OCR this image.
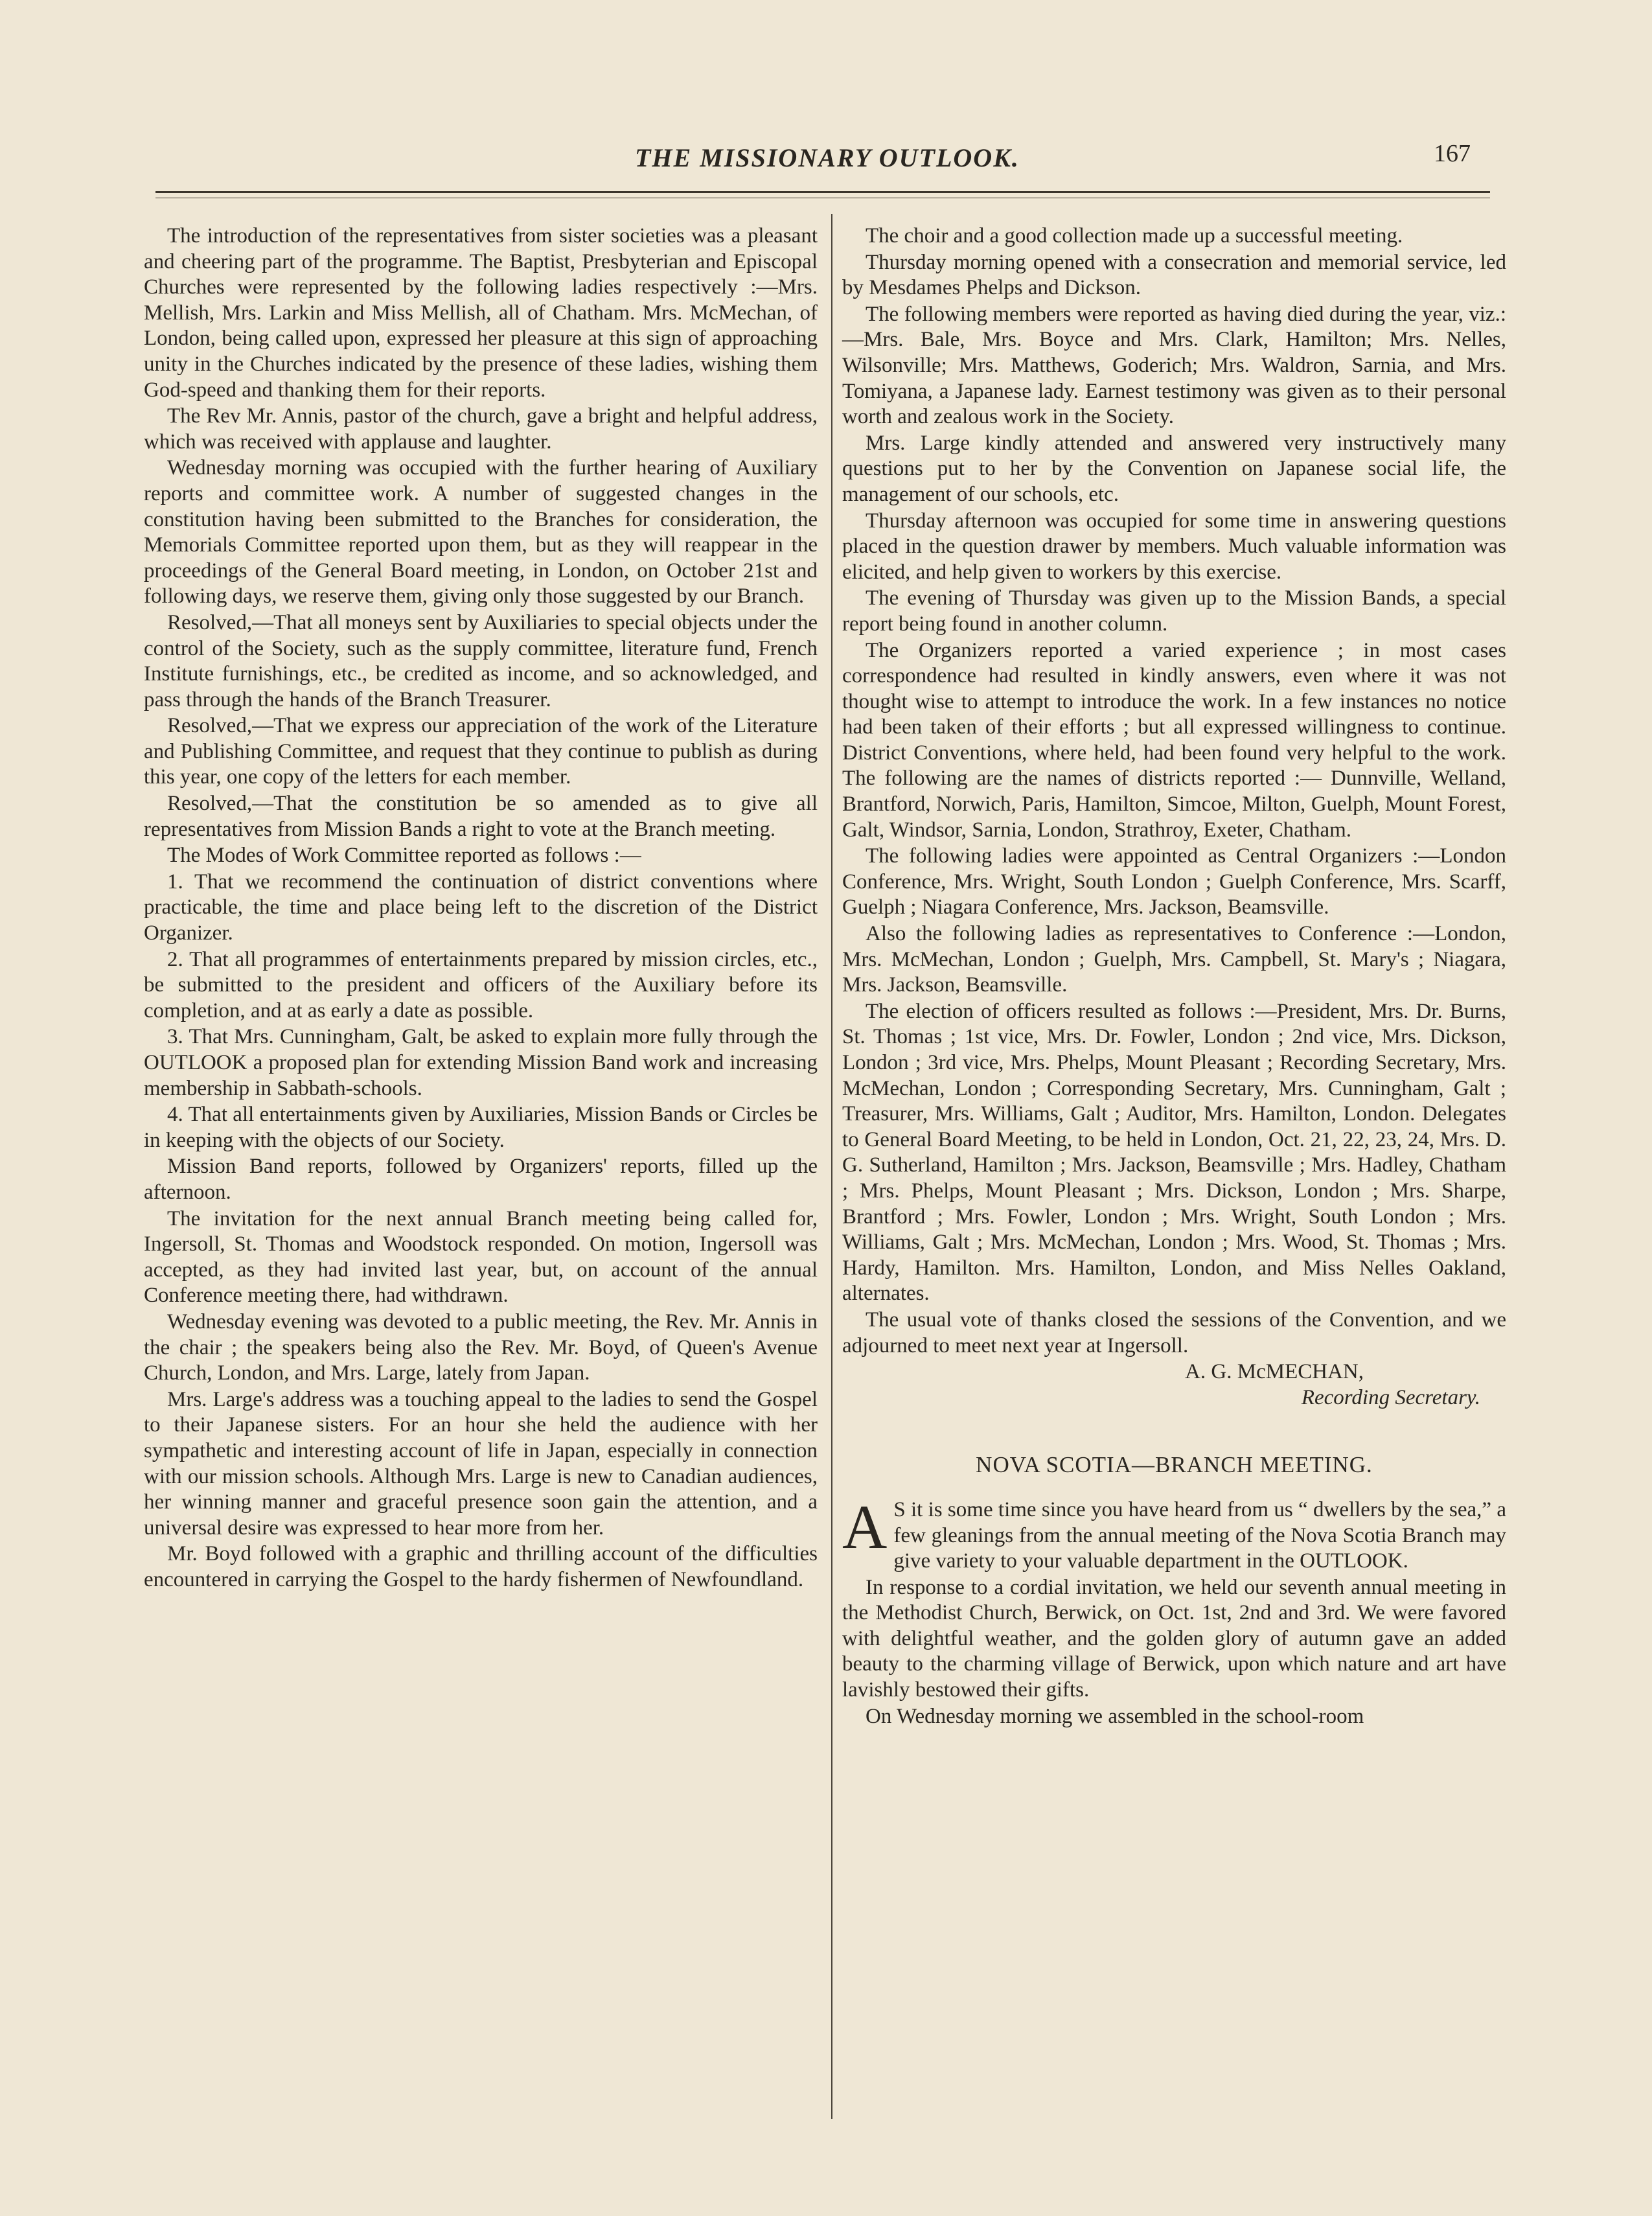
THE MISSIONARY OUTLOOK.	167

The introduction of the representatives from sister societies was a pleasant and cheering part of the programme. The Baptist, Presbyterian and Episcopal Churches were represented by the following ladies respectively :—Mrs. Mellish, Mrs. Larkin and Miss Mellish, all of Chatham. Mrs. McMechan, of London, being called upon, expressed her pleasure at this sign of approaching unity in the Churches indicated by the presence of these ladies, wishing them God-speed and thanking them for their reports.

The Rev Mr. Annis, pastor of the church, gave a bright and helpful address, which was received with applause and laughter.

Wednesday morning was occupied with the further hearing of Auxiliary reports and committee work. A number of suggested changes in the constitution having been submitted to the Branches for consideration, the Memorials Committee reported upon them, but as they will reappear in the proceedings of the General Board meeting, in London, on October 21st and following days, we reserve them, giving only those suggested by our Branch.

Resolved,—That all moneys sent by Auxiliaries to special objects under the control of the Society, such as the supply committee, literature fund, French Institute furnishings, etc., be credited as income, and so acknowledged, and pass through the hands of the Branch Treasurer.

Resolved,—That we express our appreciation of the work of the Literature and Publishing Committee, and request that they continue to publish as during this year, one copy of the letters for each member.

Resolved,—That the constitution be so amended as to give all representatives from Mission Bands a right to vote at the Branch meeting.

The Modes of Work Committee reported as follows :—

1. That we recommend the continuation of district conventions where practicable, the time and place being left to the discretion of the District Organizer.

2. That all programmes of entertainments prepared by mission circles, etc., be submitted to the president and officers of the Auxiliary before its completion, and at as early a date as possible.

3. That Mrs. Cunningham, Galt, be asked to explain more fully through the OUTLOOK a proposed plan for extending Mission Band work and increasing membership in Sabbath-schools.

4. That all entertainments given by Auxiliaries, Mission Bands or Circles be in keeping with the objects of our Society.

Mission Band reports, followed by Organizers' reports, filled up the afternoon.

The invitation for the next annual Branch meeting being called for, Ingersoll, St. Thomas and Woodstock responded. On motion, Ingersoll was accepted, as they had invited last year, but, on account of the annual Conference meeting there, had withdrawn.

Wednesday evening was devoted to a public meeting, the Rev. Mr. Annis in the chair ; the speakers being also the Rev. Mr. Boyd, of Queen's Avenue Church, London, and Mrs. Large, lately from Japan.

Mrs. Large's address was a touching appeal to the ladies to send the Gospel to their Japanese sisters. For an hour she held the audience with her sympathetic and interesting account of life in Japan, especially in connection with our mission schools. Although Mrs. Large is new to Canadian audiences, her winning manner and graceful presence soon gain the attention, and a universal desire was expressed to hear more from her.

Mr. Boyd followed with a graphic and thrilling account of the difficulties encountered in carrying the Gospel to the hardy fishermen of Newfoundland.

The choir and a good collection made up a successful meeting.

Thursday morning opened with a consecration and memorial service, led by Mesdames Phelps and Dickson.

The following members were reported as having died during the year, viz.:—Mrs. Bale, Mrs. Boyce and Mrs. Clark, Hamilton; Mrs. Nelles, Wilsonville; Mrs. Matthews, Goderich; Mrs. Waldron, Sarnia, and Mrs. Tomiyana, a Japanese lady. Earnest testimony was given as to their personal worth and zealous work in the Society.

Mrs. Large kindly attended and answered very instructively many questions put to her by the Convention on Japanese social life, the management of our schools, etc.

Thursday afternoon was occupied for some time in answering questions placed in the question drawer by members. Much valuable information was elicited, and help given to workers by this exercise.

The evening of Thursday was given up to the Mission Bands, a special report being found in another column.

The Organizers reported a varied experience ; in most cases correspondence had resulted in kindly answers, even where it was not thought wise to attempt to introduce the work. In a few instances no notice had been taken of their efforts ; but all expressed willingness to continue. District Conventions, where held, had been found very helpful to the work. The following are the names of districts reported :— Dunnville, Welland, Brantford, Norwich, Paris, Hamilton, Simcoe, Milton, Guelph, Mount Forest, Galt, Windsor, Sarnia, London, Strathroy, Exeter, Chatham.

The following ladies were appointed as Central Organizers :—London Conference, Mrs. Wright, South London ; Guelph Conference, Mrs. Scarff, Guelph ; Niagara Conference, Mrs. Jackson, Beamsville.

Also the following ladies as representatives to Conference :—London, Mrs. McMechan, London ; Guelph, Mrs. Campbell, St. Mary's ; Niagara, Mrs. Jackson, Beamsville.

The election of officers resulted as follows :—President, Mrs. Dr. Burns, St. Thomas ; 1st vice, Mrs. Dr. Fowler, London ; 2nd vice, Mrs. Dickson, London ; 3rd vice, Mrs. Phelps, Mount Pleasant ; Recording Secretary, Mrs. McMechan, London ; Corresponding Secretary, Mrs. Cunningham, Galt ; Treasurer, Mrs. Williams, Galt ; Auditor, Mrs. Hamilton, London. Delegates to General Board Meeting, to be held in London, Oct. 21, 22, 23, 24, Mrs. D. G. Sutherland, Hamilton ; Mrs. Jackson, Beamsville ; Mrs. Hadley, Chatham ; Mrs. Phelps, Mount Pleasant ; Mrs. Dickson, London ; Mrs. Sharpe, Brantford ; Mrs. Fowler, London ; Mrs. Wright, South London ; Mrs. Williams, Galt ; Mrs. McMechan, London ; Mrs. Wood, St. Thomas ; Mrs. Hardy, Hamilton. Mrs. Hamilton, London, and Miss Nelles Oakland, alternates.

The usual vote of thanks closed the sessions of the Convention, and we adjourned to meet next year at Ingersoll.

A. G. McMECHAN,
Recording Secretary.
NOVA SCOTIA—BRANCH MEETING.

A S it is some time since you have heard from us “ dwellers by the sea,” a few gleanings from the annual meeting of the Nova Scotia Branch may give variety to your valuable department in the OUTLOOK.

In response to a cordial invitation, we held our seventh annual meeting in the Methodist Church, Berwick, on Oct. 1st, 2nd and 3rd. We were favored with delightful weather, and the golden glory of autumn gave an added beauty to the charming village of Berwick, upon which nature and art have lavishly bestowed their gifts.

On Wednesday morning we assembled in the school-room
